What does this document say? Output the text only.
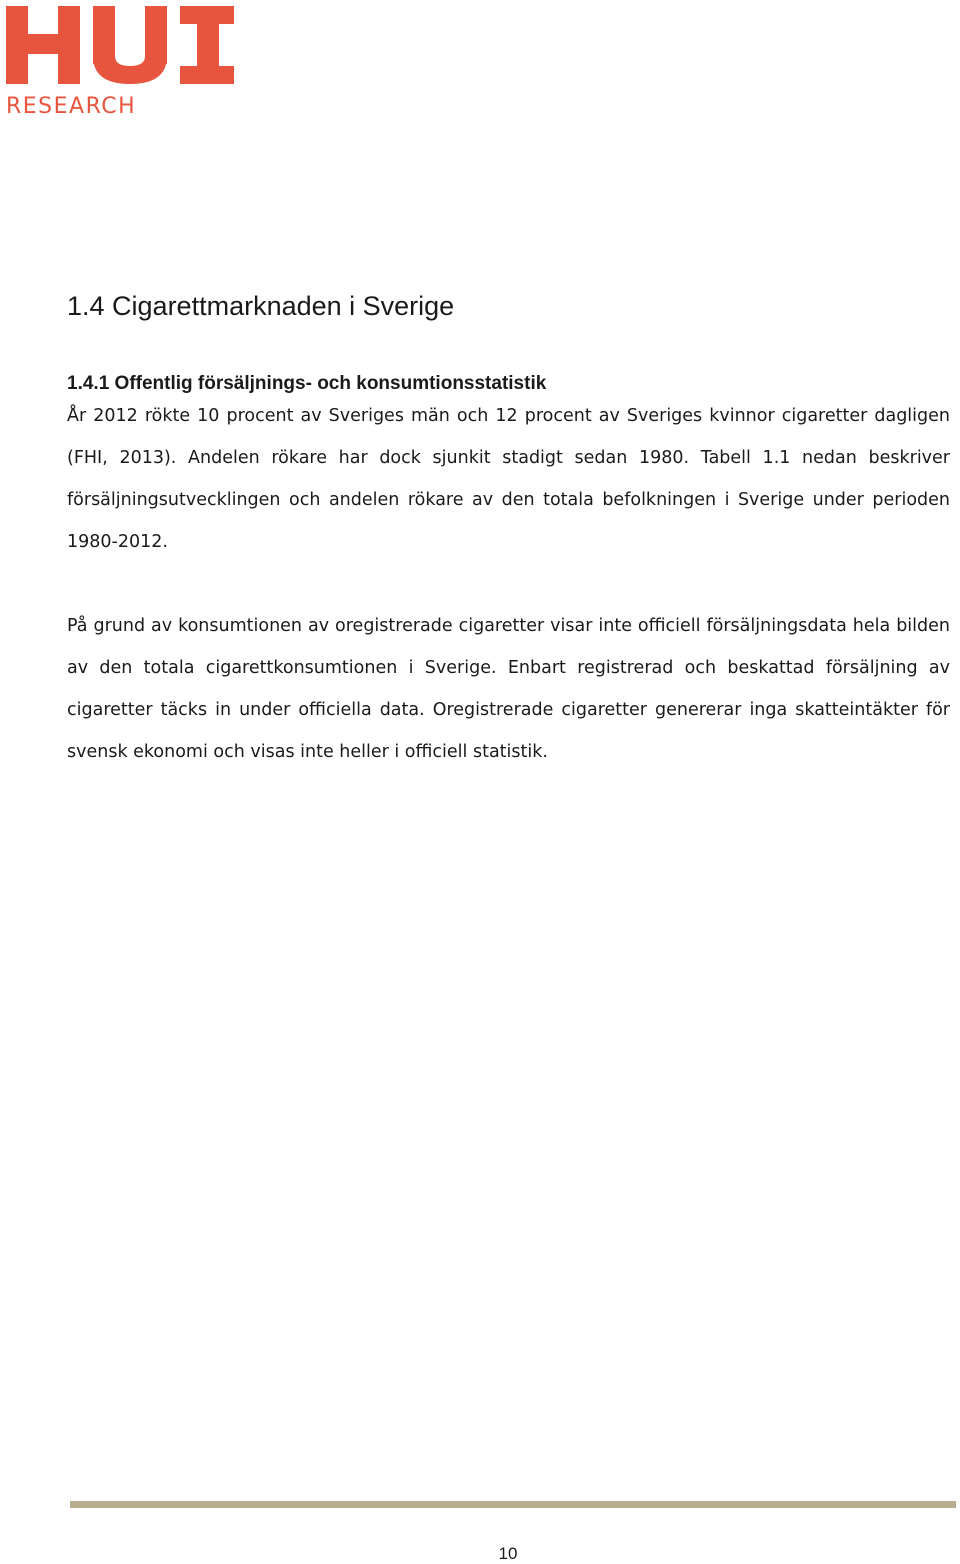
RESEARCH
1.4 Cigarettmarknaden i Sverige
1.4.1 Offentlig försäljnings- och konsumtionsstatistik

År 2012 rökte 10 procent av Sveriges män och 12 procent av Sveriges kvinnor cigaretter dagligen (FHI, 2013). Andelen rökare har dock sjunkit stadigt sedan 1980. Tabell 1.1 nedan beskriver försäljningsutvecklingen och andelen rökare av den totala befolkningen i Sverige under perioden 1980-2012.

På grund av konsumtionen av oregistrerade cigaretter visar inte officiell försäljningsdata hela bilden av den totala cigarettkonsumtionen i Sverige. Enbart registrerad och beskattad försäljning av cigaretter täcks in under officiella data. Oregistrerade cigaretter genererar inga skatteintäkter för svensk ekonomi och visas inte heller i officiell statistik.

10
